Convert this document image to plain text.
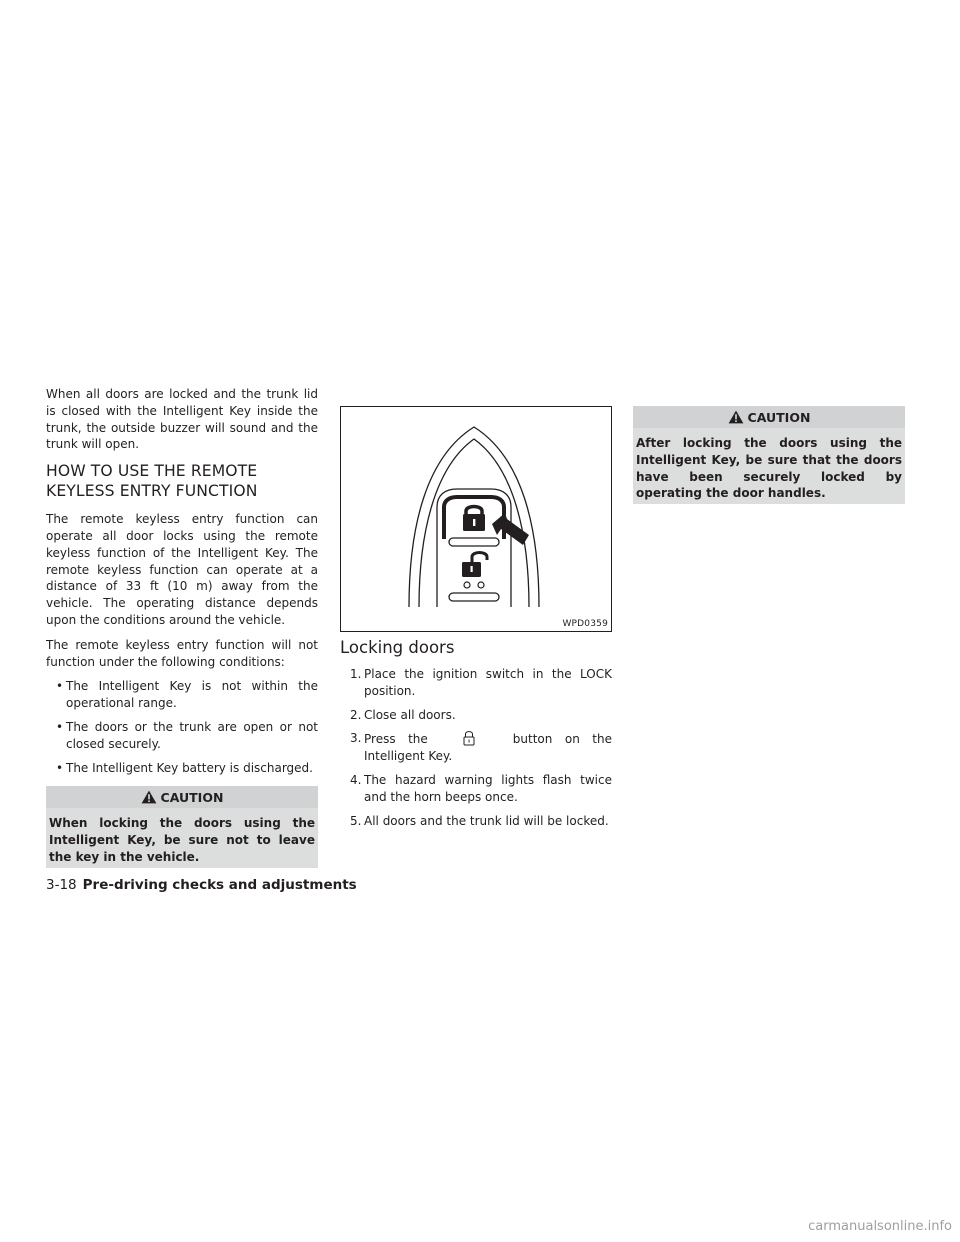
When all doors are locked and the trunk lid is closed with the Intelligent Key inside the trunk, the outside buzzer will sound and the trunk will open.

HOW TO USE THE REMOTE KEYLESS ENTRY FUNCTION

The remote keyless entry function can operate all door locks using the remote keyless function of the Intelligent Key. The remote keyless function can operate at a distance of 33 ft (10 m) away from the vehicle. The operating distance depends upon the conditions around the vehicle.

The remote keyless entry function will not function under the following conditions:

• The Intelligent Key is not within the operational range.
• The doors or the trunk are open or not closed securely.
• The Intelligent Key battery is discharged.
CAUTION
When locking the doors using the Intelligent Key, be sure not to leave the key in the vehicle.
WPD0359
Locking doors
1. Place the ignition switch in the LOCK position.
2. Close all doors.
3. Press the	button on the Intelligent Key.
4. The hazard warning lights flash twice and the horn beeps once.
5. All doors and the trunk lid will be locked.
CAUTION
After locking the doors using the Intelligent Key, be sure that the doors have been securely locked by operating the door handles.
3-18 Pre-driving checks and adjustments
carmanualsonline.info
